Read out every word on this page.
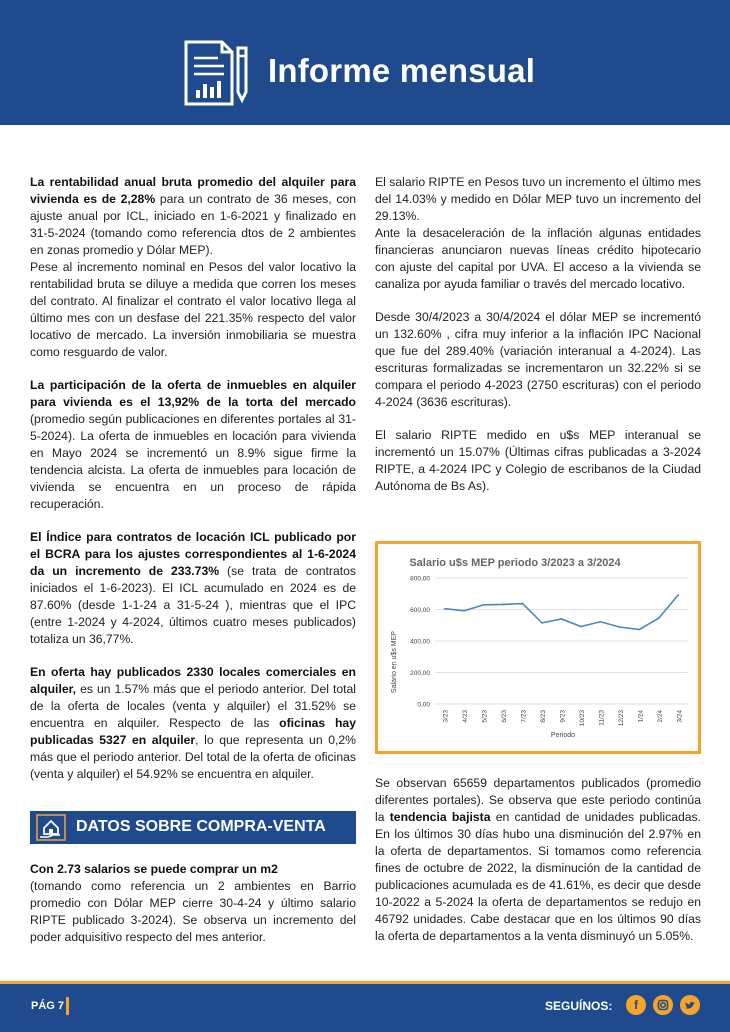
Informe mensual

La rentabilidad anual bruta promedio del alquiler para vivienda es de 2,28% para un contrato de 36 meses, con ajuste anual por ICL, iniciado en 1-6-2021 y finalizado en 31-5-2024 (tomando como referencia dtos de 2 ambientes en zonas promedio y Dólar MEP).

Pese al incremento nominal en Pesos del valor locativo la rentabilidad bruta se diluye a medida que corren los meses del contrato. Al finalizar el contrato el valor locativo llega al último mes con un desfase del 221.35% respecto del valor locativo de mercado. La inversión inmobiliaria se muestra como resguardo de valor.

La participación de la oferta de inmuebles en alquiler para vivienda es el 13,92% de la torta del mercado (promedio según publicaciones en diferentes portales al 31-5-2024). La oferta de inmuebles en locación para vivienda en Mayo 2024 se incrementó un 8.9% sigue firme la tendencia alcista. La oferta de inmuebles para locación de vivienda se encuentra en un proceso de rápida recuperación.

El Índice para contratos de locación ICL publicado por el BCRA para los ajustes correspondientes al 1-6-2024 da un incremento de 233.73% (se trata de contratos iniciados el 1-6-2023). El ICL acumulado en 2024 es de 87.60% (desde 1-1-24 a 31-5-24 ), mientras que el IPC (entre 1-2024 y 4-2024, últimos cuatro meses publicados) totaliza un 36,77%.

En oferta hay publicados 2330 locales comerciales en alquiler, es un 1.57% más que el periodo anterior. Del total de la oferta de locales (venta y alquiler) el 31.52% se encuentra en alquiler. Respecto de las oficinas hay publicadas 5327 en alquiler, lo que representa un 0,2% más que el periodo anterior. Del total de la oferta de oficinas (venta y alquiler) el 54.92% se encuentra en alquiler.

DATOS SOBRE COMPRA-VENTA

Con 2.73 salarios se puede comprar un m2
(tomando como referencia un 2 ambientes en Barrio promedio con Dólar MEP cierre 30-4-24 y último salario RIPTE publicado 3-2024). Se observa un incremento del poder adquisitivo respecto del mes anterior.

El salario RIPTE en Pesos tuvo un incremento el último mes del 14.03% y medido en Dólar MEP tuvo un incremento del 29.13%.

Ante la desaceleración de la inflación algunas entidades financieras anunciaron nuevas líneas crédito hipotecario con ajuste del capital por UVA. El acceso a la vivienda se canaliza por ayuda familiar o través del mercado locativo.

Desde 30/4/2023 a 30/4/2024 el dólar MEP se incrementó un 132.60% , cifra muy inferior a la inflación IPC Nacional que fue del 289.40% (variación interanual a 4-2024). Las escrituras formalizadas se incrementaron un 32.22% si se compara el periodo 4-2023 (2750 escrituras) con el periodo 4-2024 (3636 escrituras).

El salario RIPTE medido en u$s MEP interanual se incrementó un 15.07% (Últimas cifras publicadas a 3-2024 RIPTE, a 4-2024 IPC y Colegio de escribanos de la Ciudad Autónoma de Bs As).

Salario u$s MEP periodo 3/2023 a 3/2024
Salario en u$s MEP
Periodo
0,00
200,00
400,00
600,00
800,00
3/23 4/23 5/23 6/23 7/23 8/23 9/23 10/23 11/23 12/23 1/24 2/24 3/24

Se observan 65659 departamentos publicados (promedio diferentes portales). Se observa que este periodo continúa la tendencia bajista en cantidad de unidades publicadas. En los últimos 30 días hubo una disminución del 2.97% en la oferta de departamentos. Si tomamos como referencia fines de octubre de 2022, la disminución de la cantidad de publicaciones acumulada es de 41.61%, es decir que desde 10-2022 a 5-2024 la oferta de departamentos se redujo en 46792 unidades. Cabe destacar que en los últimos 90 días la oferta de departamentos a la venta disminuyó un 5.05%.

PÁG 7	SEGUÍNOS:	f
